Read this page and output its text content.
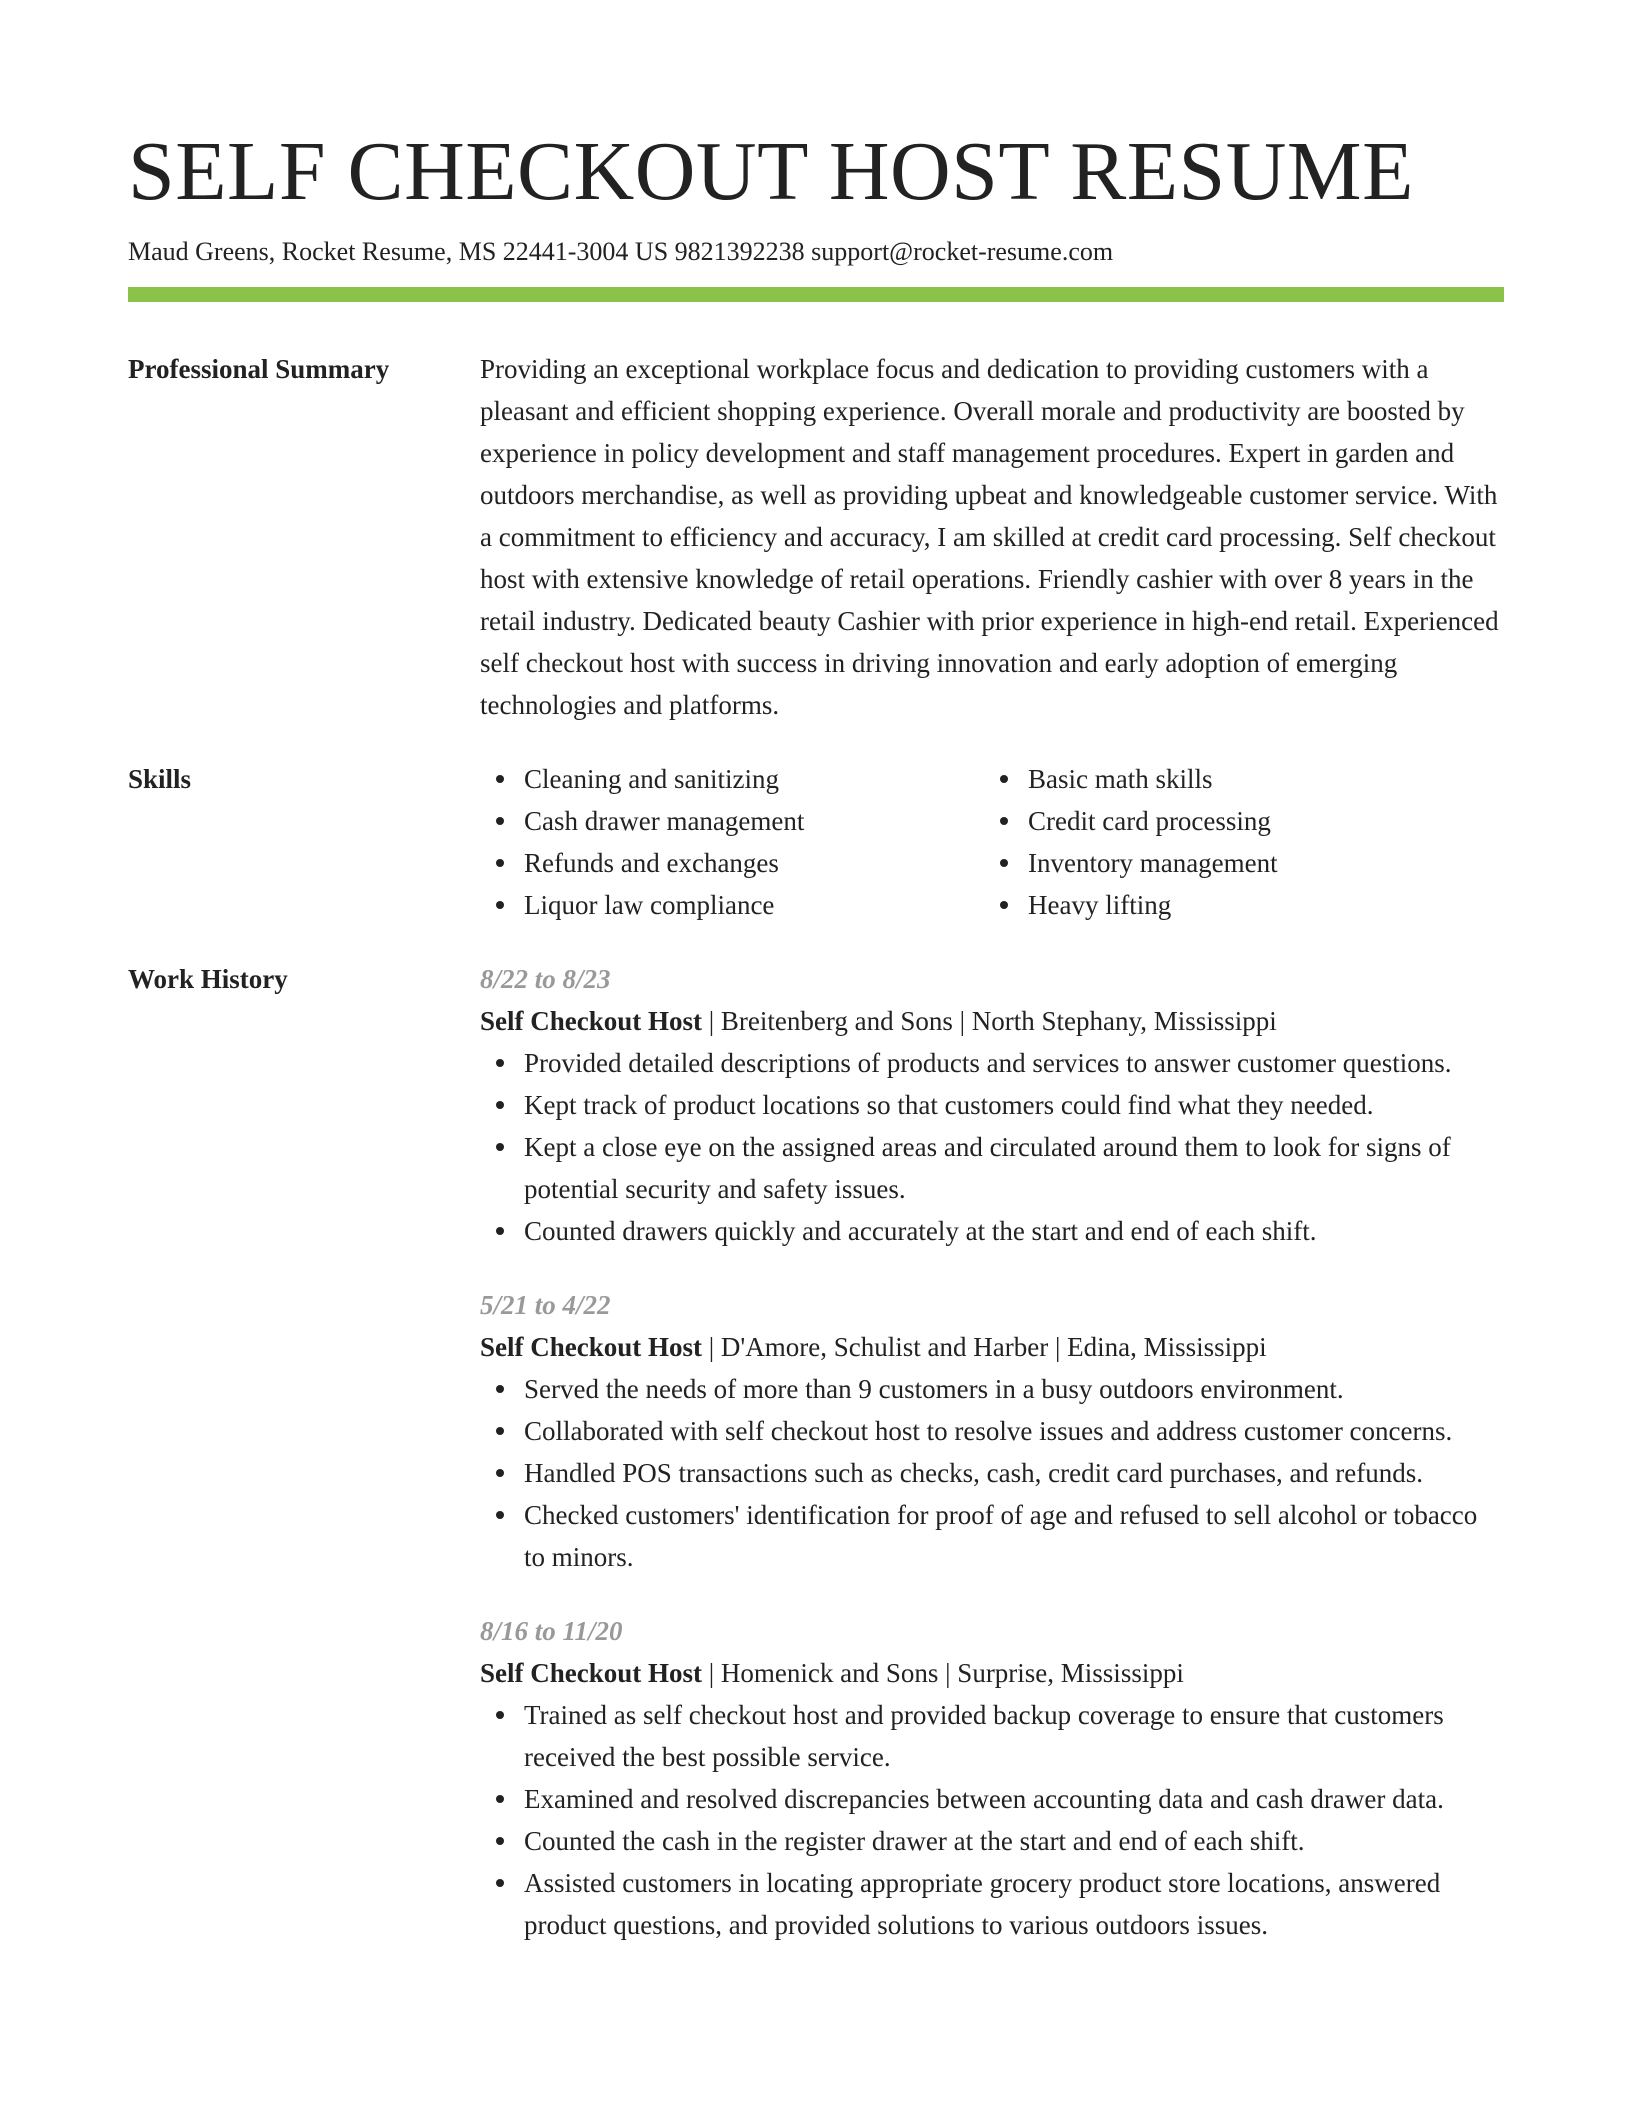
SELF CHECKOUT HOST RESUME
Maud Greens, Rocket Resume, MS 22441-3004 US 9821392238 support@rocket-resume.com
Professional Summary	Providing an exceptional workplace focus and dedication to providing customers with a pleasant and efficient shopping experience. Overall morale and productivity are boosted by experience in policy development and staff management procedures. Expert in garden and outdoors merchandise, as well as providing upbeat and knowledgeable customer service. With a commitment to efficiency and accuracy, I am skilled at credit card processing. Self checkout host with extensive knowledge of retail operations. Friendly cashier with over 8 years in the retail industry. Dedicated beauty Cashier with prior experience in high-end retail. Experienced self checkout host with success in driving innovation and early adoption of emerging technologies and platforms.
Skills	Cleaning and sanitizing
Cash drawer management
Refunds and exchanges
Liquor law compliance
Basic math skills
Credit card processing
Inventory management
Heavy lifting
Work History	8/22 to 8/23
Self Checkout Host | Breitenberg and Sons | North Stephany, Mississippi
Provided detailed descriptions of products and services to answer customer questions.
Kept track of product locations so that customers could find what they needed.
Kept a close eye on the assigned areas and circulated around them to look for signs of potential security and safety issues.
Counted drawers quickly and accurately at the start and end of each shift.
5/21 to 4/22
Self Checkout Host | D'Amore, Schulist and Harber | Edina, Mississippi
Served the needs of more than 9 customers in a busy outdoors environment.
Collaborated with self checkout host to resolve issues and address customer concerns.
Handled POS transactions such as checks, cash, credit card purchases, and refunds.
Checked customers' identification for proof of age and refused to sell alcohol or tobacco to minors.
8/16 to 11/20
Self Checkout Host | Homenick and Sons | Surprise, Mississippi
Trained as self checkout host and provided backup coverage to ensure that customers received the best possible service.
Examined and resolved discrepancies between accounting data and cash drawer data.
Counted the cash in the register drawer at the start and end of each shift.
Assisted customers in locating appropriate grocery product store locations, answered product questions, and provided solutions to various outdoors issues.
